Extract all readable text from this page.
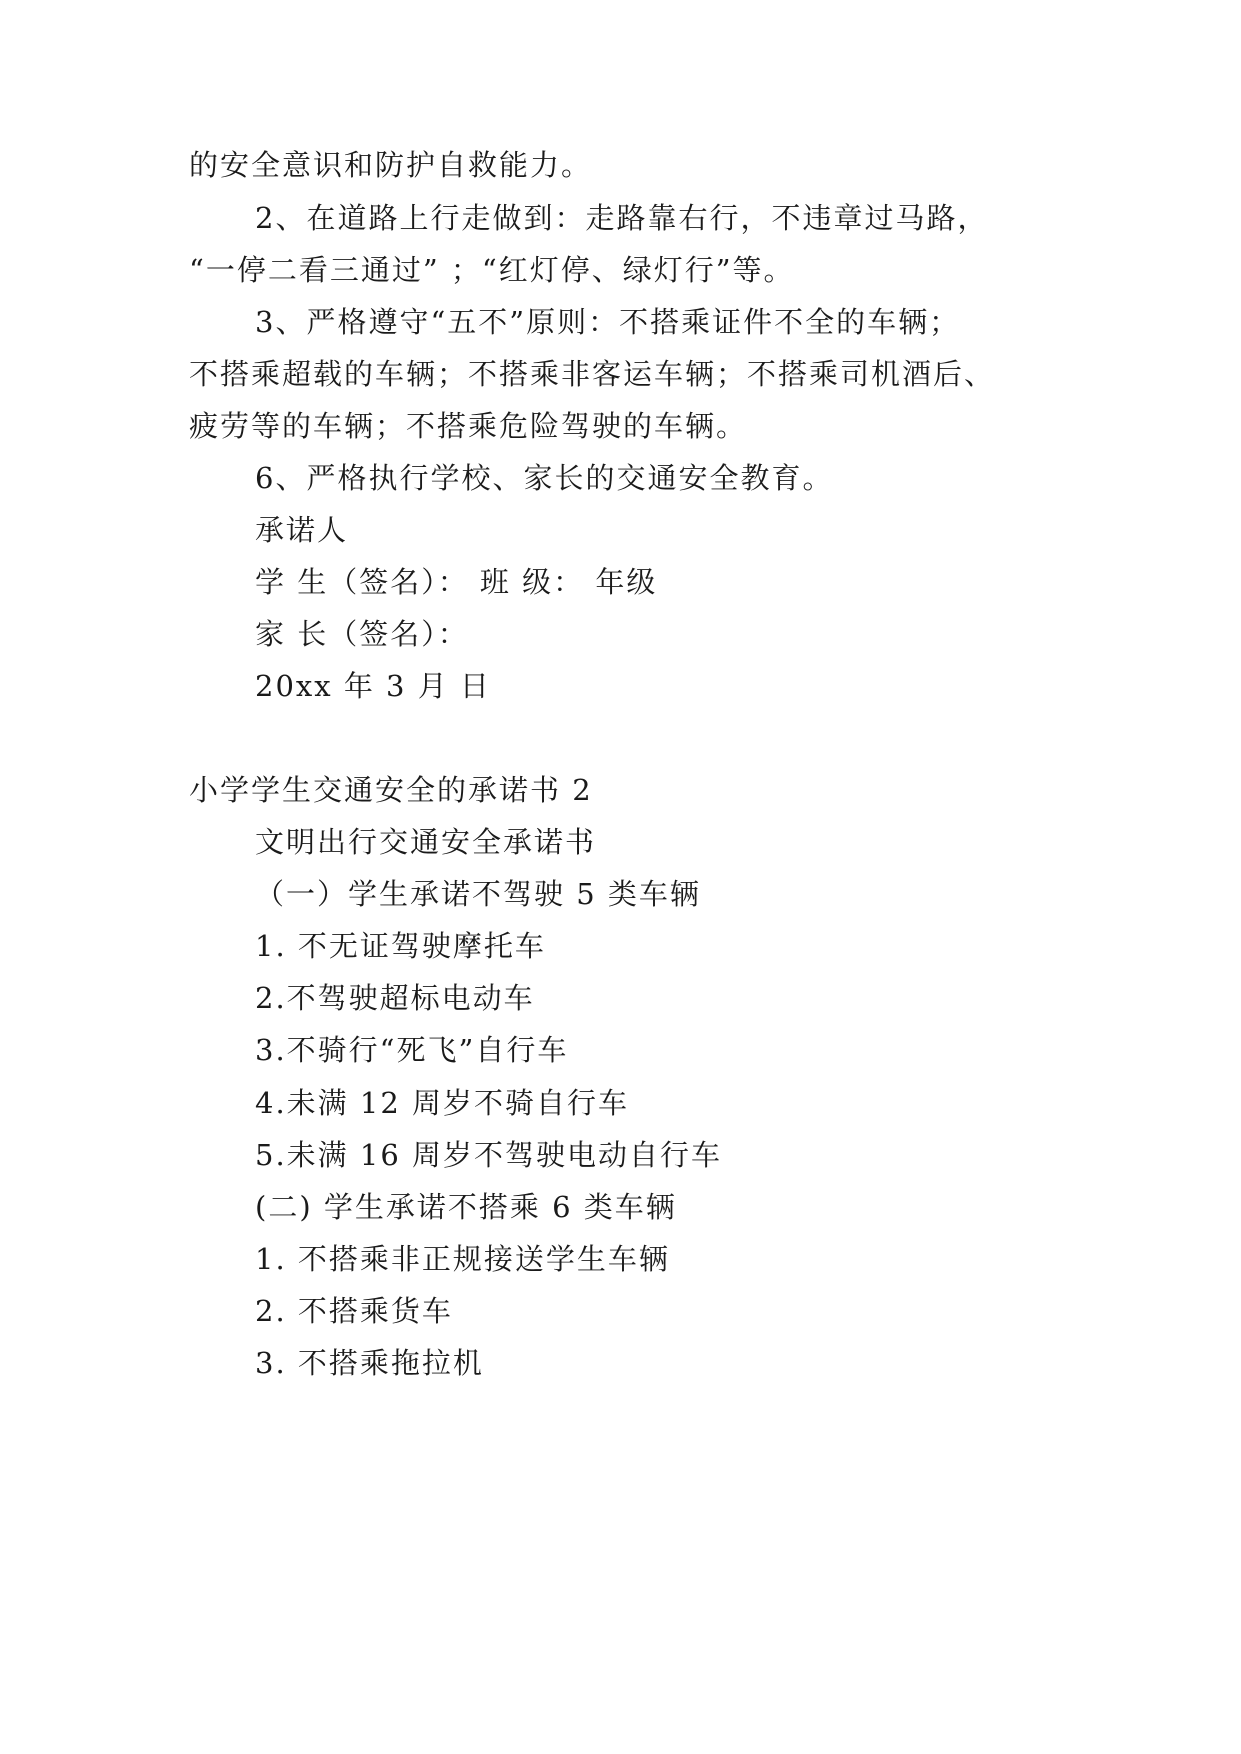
的安全意识和防护自救能力。
2、在道路上行走做到：走路靠右行，不违章过马路，
“一停二看三通过” ；“红灯停、绿灯行”等。
3、严格遵守“五不”原则：不搭乘证件不全的车辆；
不搭乘超载的车辆；不搭乘非客运车辆；不搭乘司机酒后、
疲劳等的车辆；不搭乘危险驾驶的车辆。
6、严格执行学校、家长的交通安全教育。
承诺人
学 生（签名）： 班 级： 年级
家 长（签名）：
20xx 年 3 月 日
小学学生交通安全的承诺书 2
文明出行交通安全承诺书
（一）学生承诺不驾驶 5 类车辆
1. 不无证驾驶摩托车
2.不驾驶超标电动车
3.不骑行“死飞”自行车
4.未满 12 周岁不骑自行车
5.未满 16 周岁不驾驶电动自行车
(二) 学生承诺不搭乘 6 类车辆
1. 不搭乘非正规接送学生车辆
2. 不搭乘货车
3. 不搭乘拖拉机
